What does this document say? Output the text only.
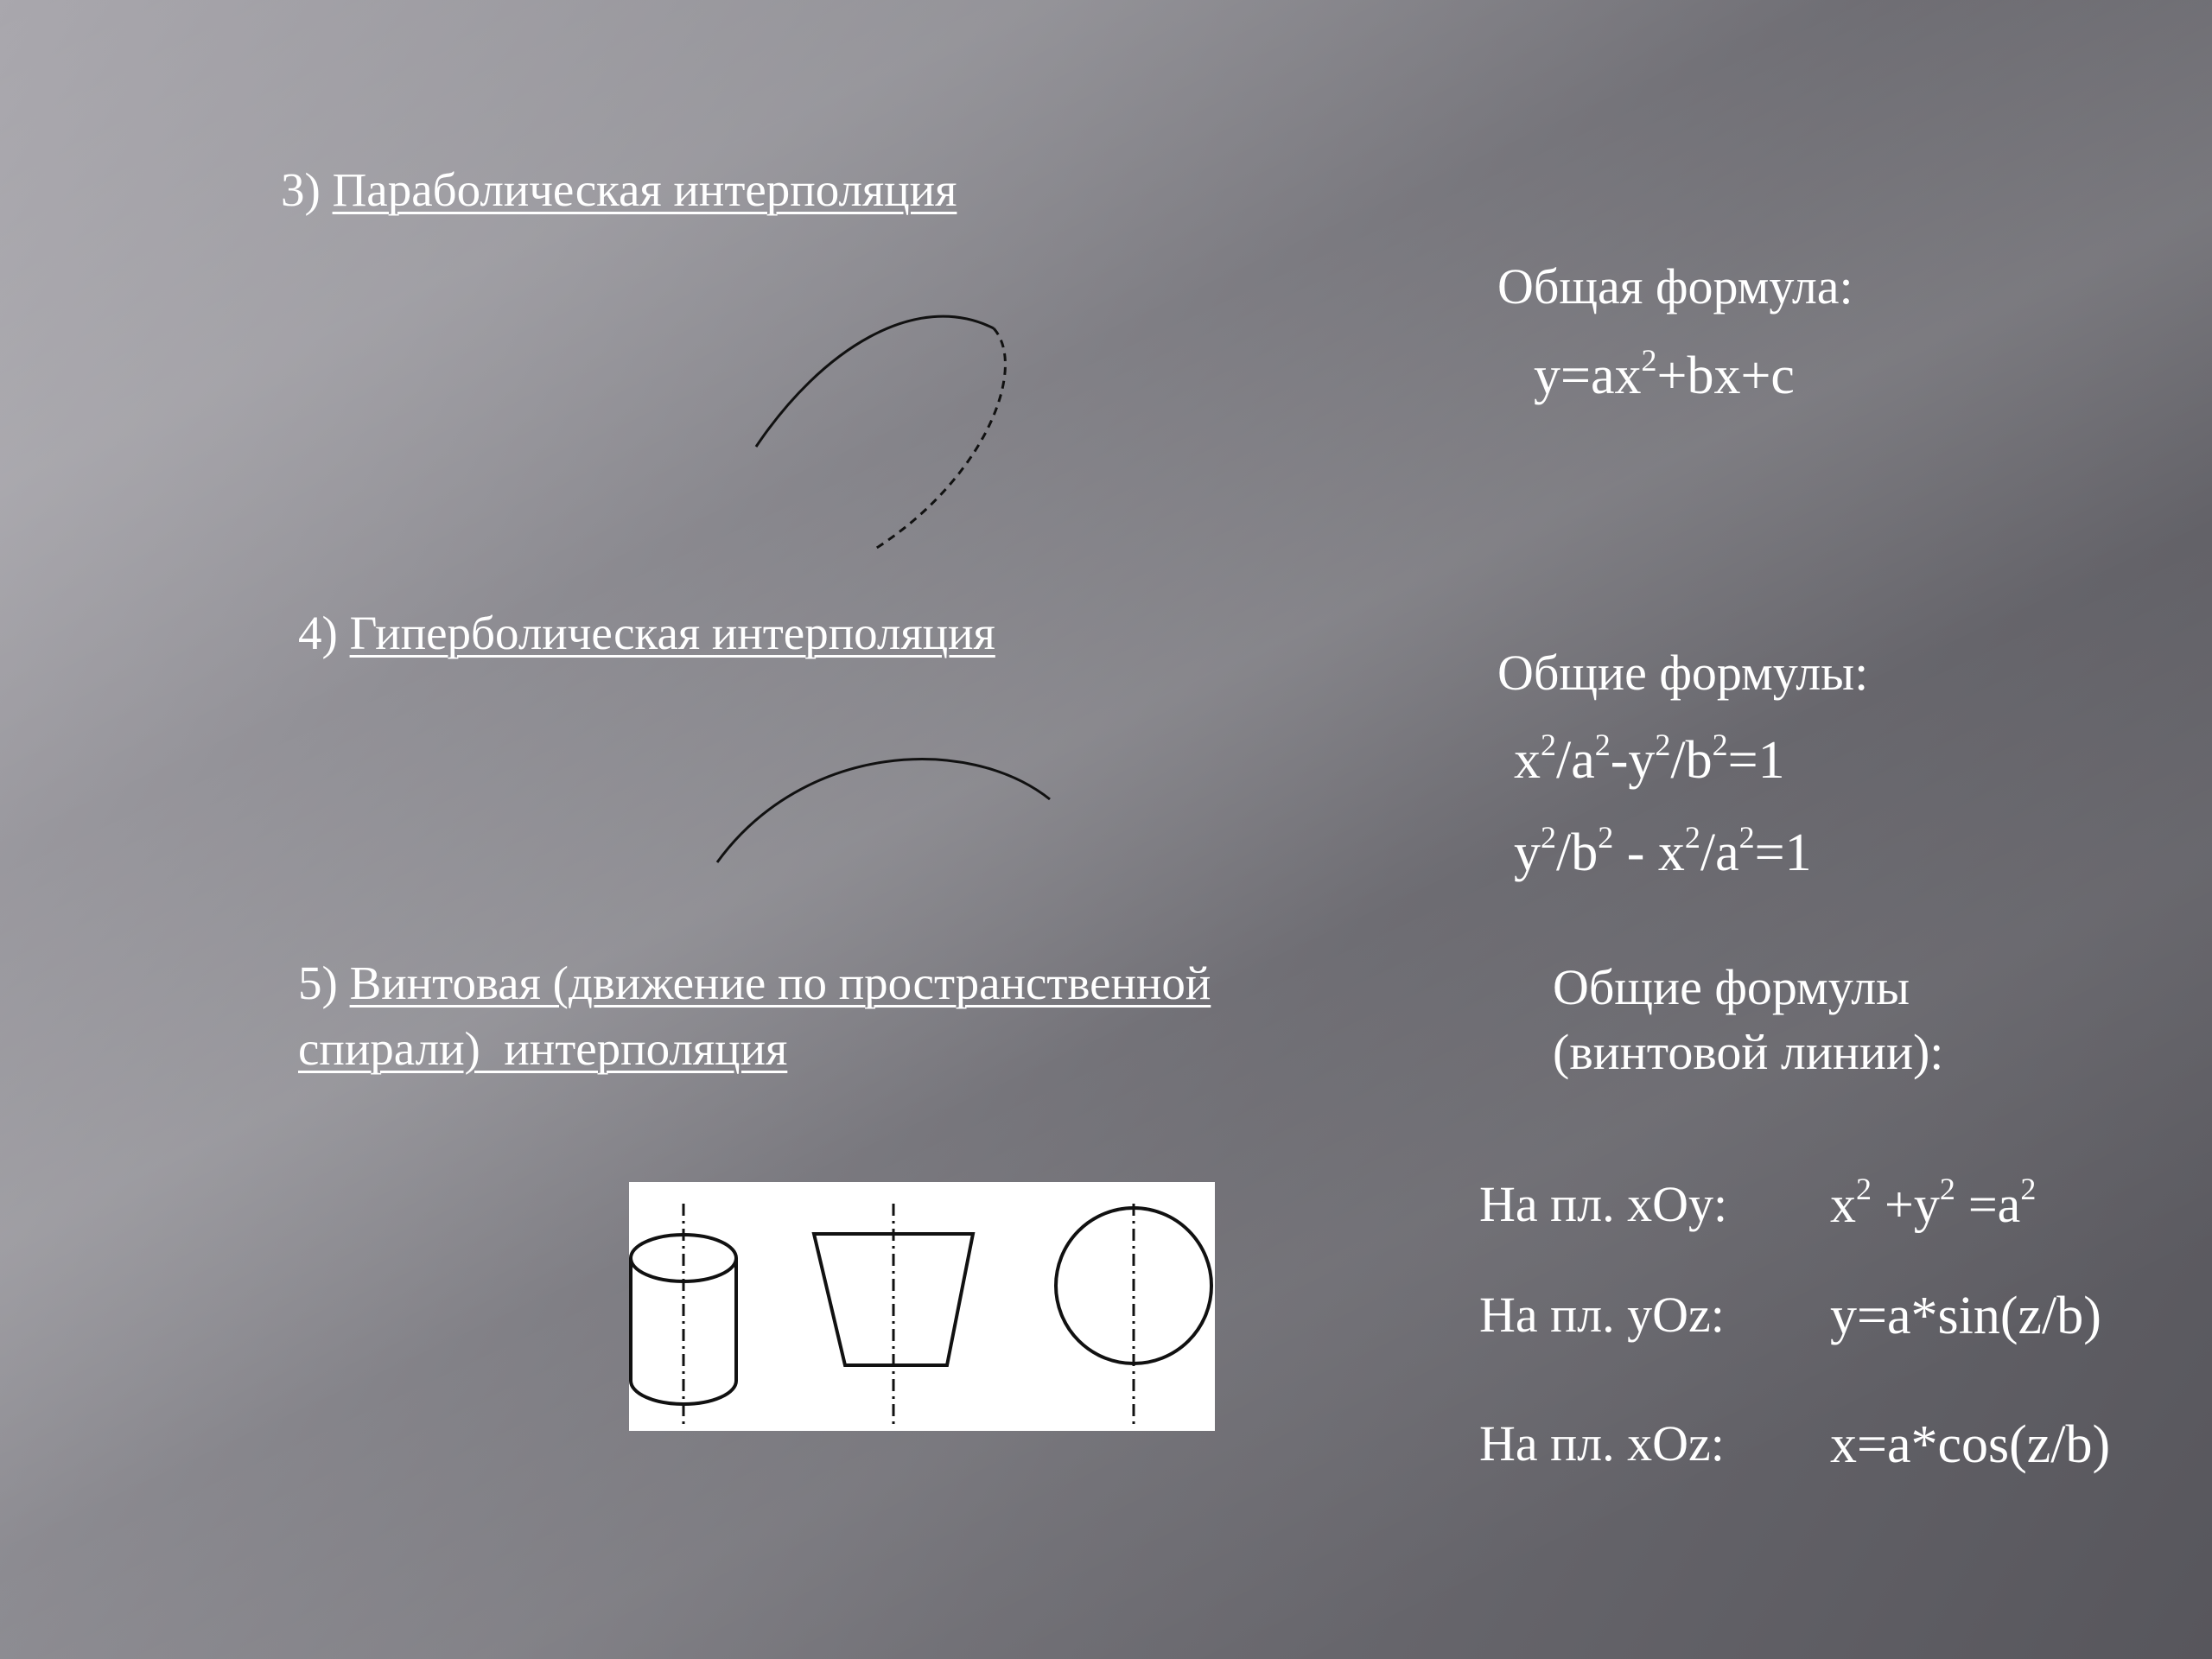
3) Параболическая интерполяция
Общая формула:
$y=ax^2+bx+c$
4) Гиперболическая интерполяция
Общие формулы:
$x^2/a^2-y^2/b^2=1$
$y^2/b^2 - x^2/a^2=1$
5) Винтовая (движение по пространственной
спирали)  интерполяция
Общие формулы
(винтовой линии):
На пл. xOy: $x^2 +y^2 =a^2$
На пл. yOz: y=a*sin(z/b)
На пл. xOz: x=a*cos(z/b)
